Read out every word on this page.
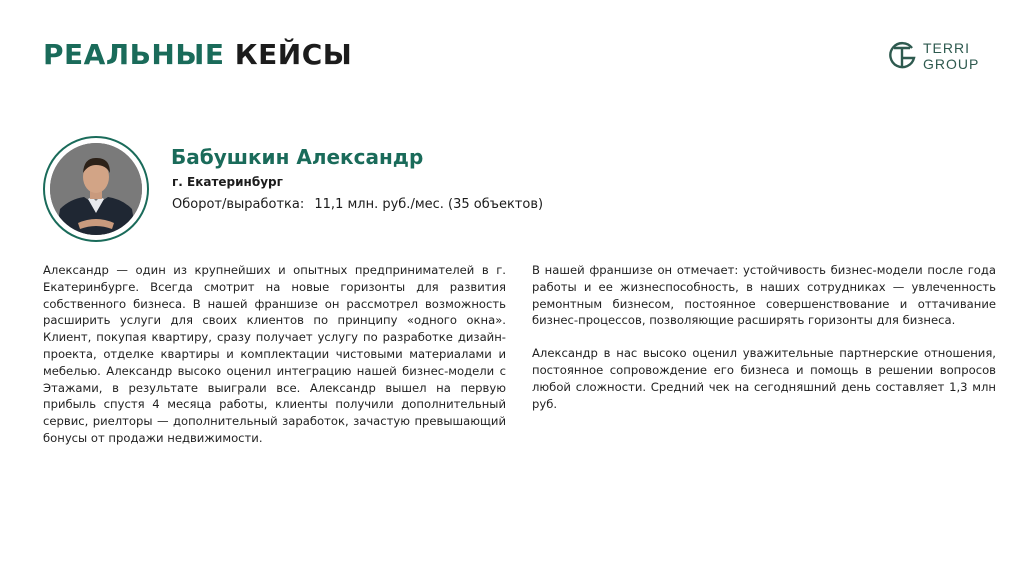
РЕАЛЬНЫЕ КЕЙСЫ	TERRI
GROUP
Бабушкин Александр
г. Екатеринбург
Оборот/выработка: 11,1 млн. руб./мес. (35 объектов)

Александр — один из крупнейших и опытных предпринимателей в г. Екатеринбурге. Всегда смотрит на новые горизонты для развития собственного бизнеса. В нашей франшизе он рассмотрел возможность расширить услуги для своих клиентов по принципу «одного окна». Клиент, покупая квартиру, сразу получает услугу по разработке дизайн-проекта, отделке квартиры и комплектации чистовыми материалами и мебелью. Александр высоко оценил интеграцию нашей бизнес-модели с Этажами, в результате выиграли все. Александр вышел на первую прибыль спустя 4 месяца работы, клиенты получили дополнительный сервис, риелторы — дополнительный заработок, зачастую превышающий бонусы от продажи недвижимости.

В нашей франшизе он отмечает: устойчивость бизнес-модели после года работы и ее жизнеспособность, в наших сотрудниках — увлеченность ремонтным бизнесом, постоянное совершенствование и оттачивание бизнес-процессов, позволяющие расширять горизонты для бизнеса.

Александр в нас высоко оценил уважительные партнерские отношения, постоянное сопровождение его бизнеса и помощь в решении вопросов любой сложности. Средний чек на сегодняшний день составляет 1,3 млн руб.
